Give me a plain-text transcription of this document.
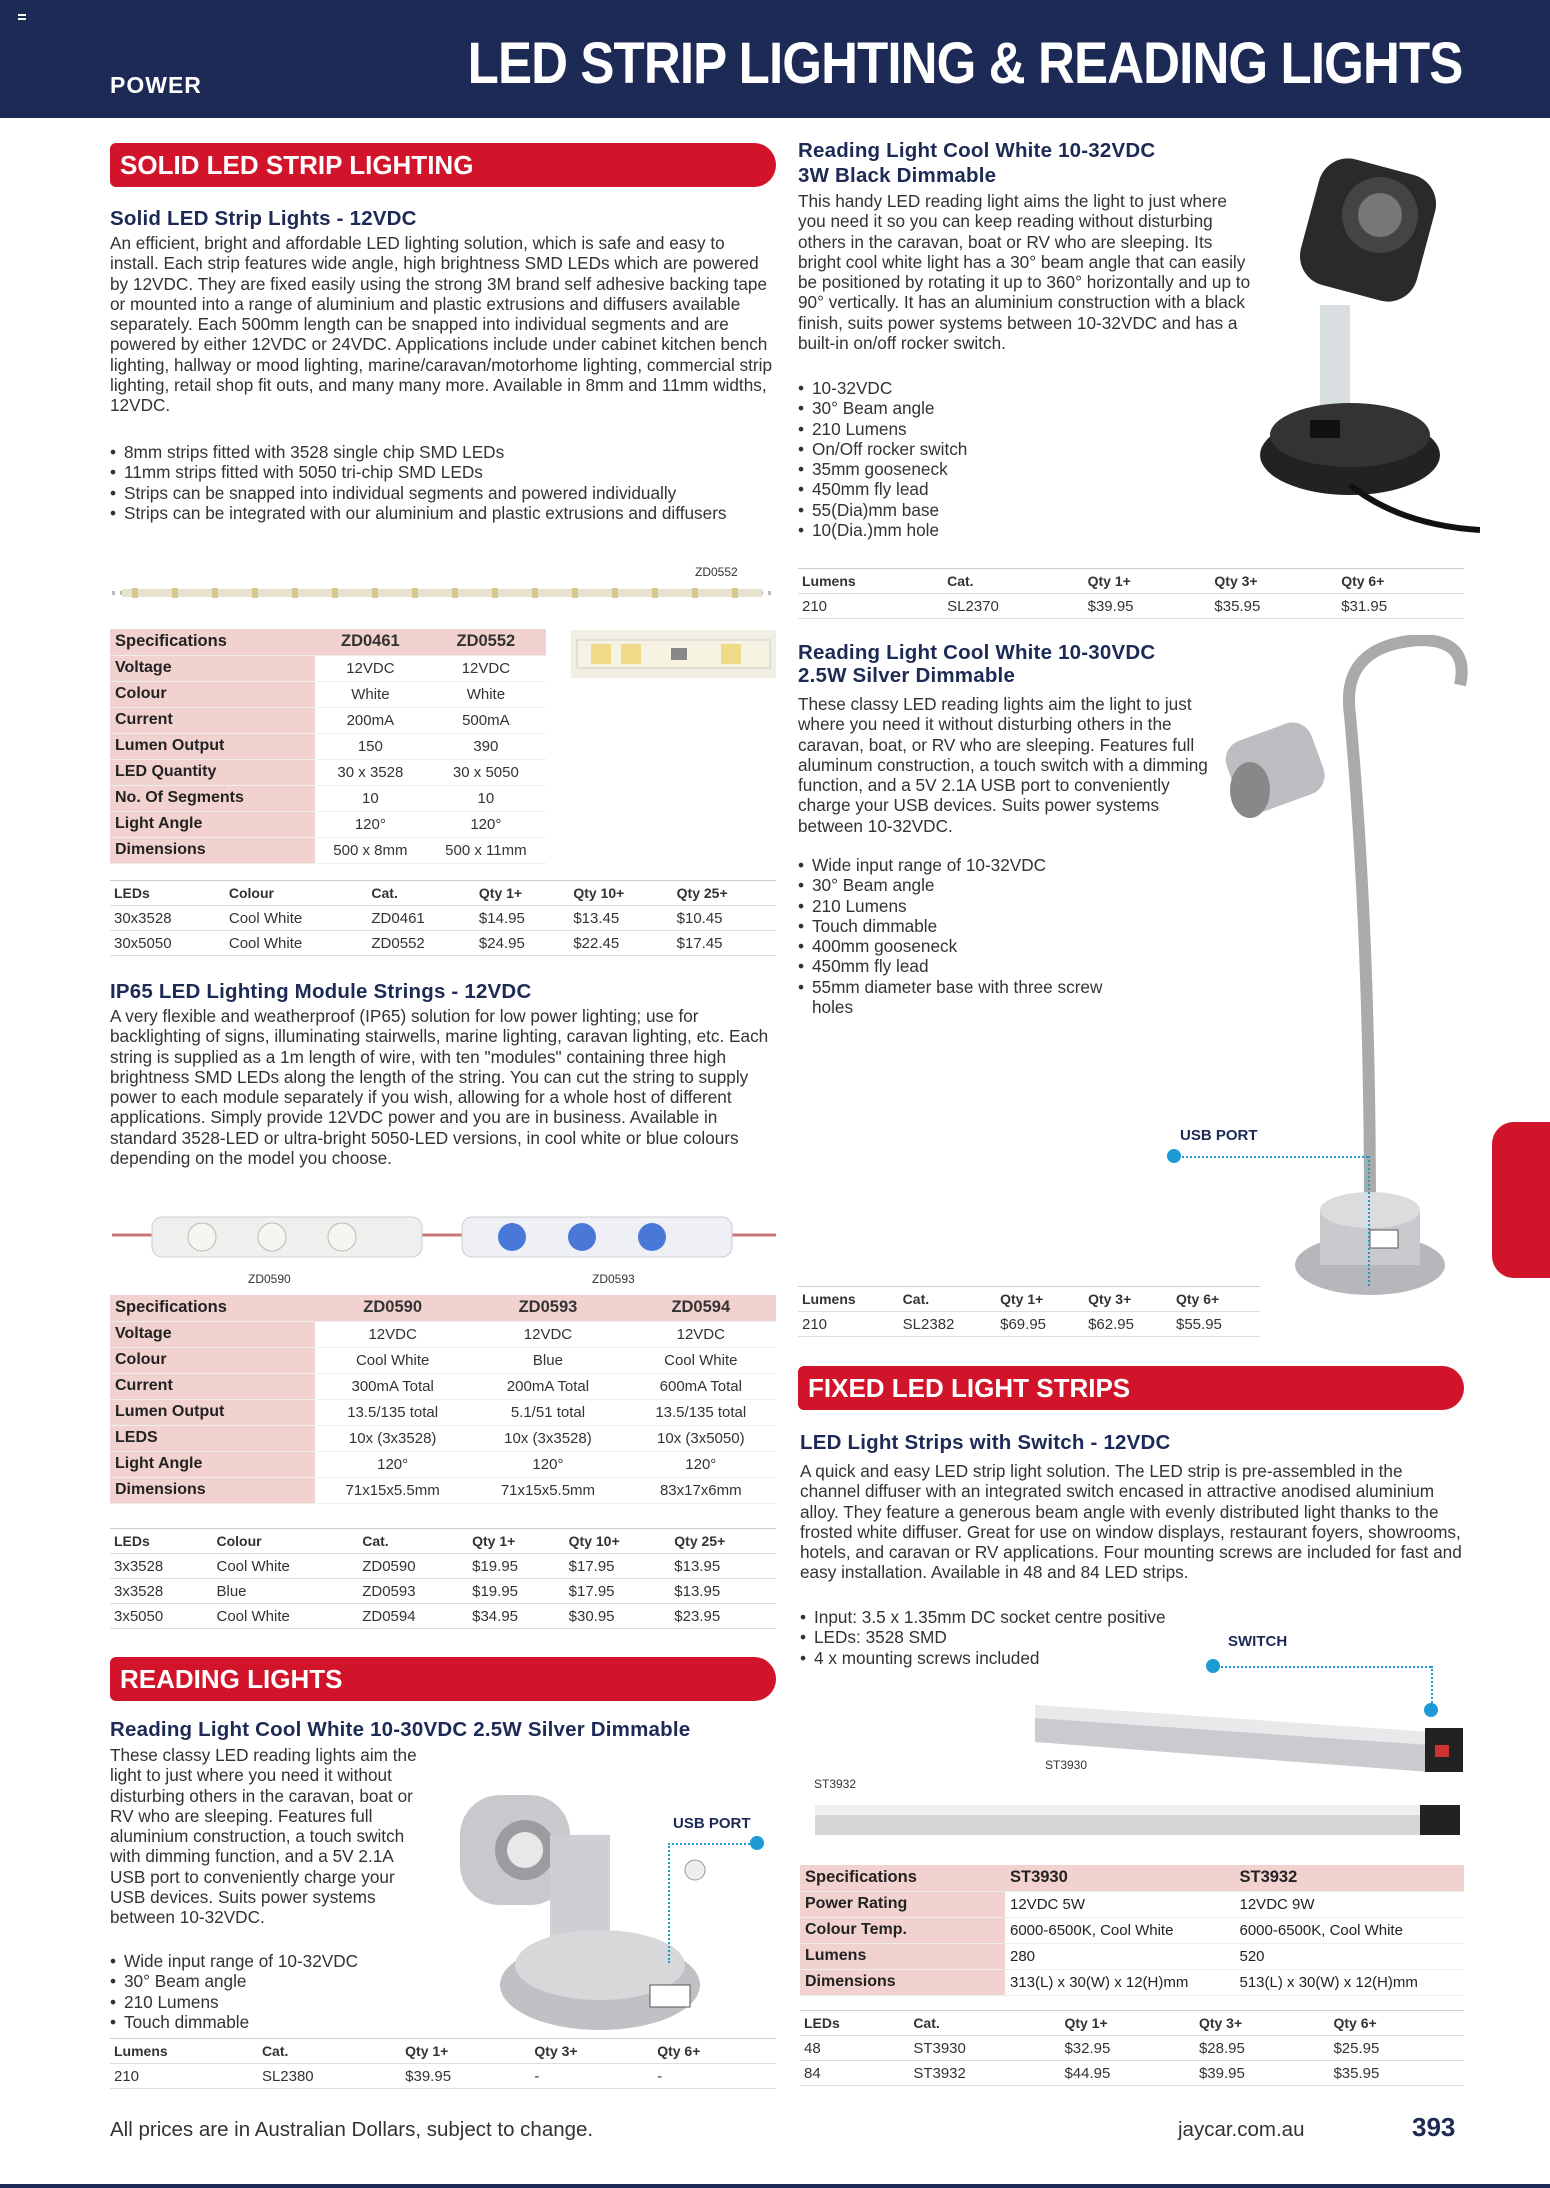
POWER	LED STRIP LIGHTING & READING LIGHTS
SOLID LED STRIP LIGHTING
Solid LED Strip Lights - 12VDC
An efficient, bright and affordable LED lighting solution, which is safe and easy to install. Each strip features wide angle, high brightness SMD LEDs which are powered by 12VDC. They are fixed easily using the strong 3M brand self adhesive backing tape or mounted into a range of aluminium and plastic extrusions and diffusers available separately. Each 500mm length can be snapped into individual segments and are powered by either 12VDC or 24VDC. Applications include under cabinet kitchen bench lighting, hallway or mood lighting, marine/caravan/motorhome lighting, commercial strip lighting, retail shop fit outs, and many many more. Available in 8mm and 11mm widths, 12VDC.
• 8mm strips fitted with 3528 single chip SMD LEDs
• 11mm strips fitted with 5050 tri-chip SMD LEDs
• Strips can be snapped into individual segments and powered individually
• Strips can be integrated with our aluminium and plastic extrusions and diffusers
ZD0552
Specifications	ZD0461	ZD0552
Voltage	12VDC	12VDC
Colour	White	White
Current	200mA	500mA
Lumen Output	150	390
LED Quantity	30 x 3528	30 x 5050
No. Of Segments	10	10
Light Angle	120°	120°
Dimensions	500 x 8mm	500 x 11mm
LEDs	Colour	Cat.	Qty 1+	Qty 10+	Qty 25+
30x3528	Cool White	ZD0461	$14.95	$13.45	$10.45
30x5050	Cool White	ZD0552	$24.95	$22.45	$17.45
IP65 LED Lighting Module Strings - 12VDC
A very flexible and weatherproof (IP65) solution for low power lighting; use for backlighting of signs, illuminating stairwells, marine lighting, caravan lighting, etc. Each string is supplied as a 1m length of wire, with ten "modules" containing three high brightness SMD LEDs along the length of the string. You can cut the string to supply power to each module separately if you wish, allowing for a whole host of different applications. Simply provide 12VDC power and you are in business. Available in standard 3528-LED or ultra-bright 5050-LED versions, in cool white or blue colours depending on the model you choose.
ZD0590	ZD0593
Specifications	ZD0590	ZD0593	ZD0594
Voltage	12VDC	12VDC	12VDC
Colour	Cool White	Blue	Cool White
Current	300mA Total	200mA Total	600mA Total
Lumen Output	13.5/135 total	5.1/51 total	13.5/135 total
LEDS	10x (3x3528)	10x (3x3528)	10x (3x5050)
Light Angle	120°	120°	120°
Dimensions	71x15x5.5mm	71x15x5.5mm	83x17x6mm
LEDs	Colour	Cat.	Qty 1+	Qty 10+	Qty 25+
3x3528	Cool White	ZD0590	$19.95	$17.95	$13.95
3x3528	Blue	ZD0593	$19.95	$17.95	$13.95
3x5050	Cool White	ZD0594	$34.95	$30.95	$23.95
READING LIGHTS
Reading Light Cool White 10-30VDC 2.5W Silver Dimmable
These classy LED reading lights aim the light to just where you need it without disturbing others in the caravan, boat or RV who are sleeping. Features full aluminium construction, a touch switch with dimming function, and a 5V 2.1A USB port to conveniently charge your USB devices. Suits power systems between 10-32VDC.
• Wide input range of 10-32VDC
• 30° Beam angle
• 210 Lumens
• Touch dimmable
USB PORT
Lumens	Cat.	Qty 1+	Qty 3+	Qty 6+
210	SL2380	$39.95	-	-
Reading Light Cool White 10-32VDC
3W Black Dimmable
This handy LED reading light aims the light to just where you need it so you can keep reading without disturbing others in the caravan, boat or RV who are sleeping. Its bright cool white light has a 30° beam angle that can easily be positioned by rotating it up to 360° horizontally and up to 90° vertically. It has an aluminium construction with a black finish, suits power systems between 10-32VDC and has a built-in on/off rocker switch.
• 10-32VDC
• 30° Beam angle
• 210 Lumens
• On/Off rocker switch
• 35mm gooseneck
• 450mm fly lead
• 55(Dia)mm base
• 10(Dia.)mm hole
Lumens	Cat.	Qty 1+	Qty 3+	Qty 6+
210	SL2370	$39.95	$35.95	$31.95
Reading Light Cool White 10-30VDC
2.5W Silver Dimmable
These classy LED reading lights aim the light to just where you need it without disturbing others in the caravan, boat, or RV who are sleeping. Features full aluminum construction, a touch switch with a dimming function, and a 5V 2.1A USB port to conveniently charge your USB devices. Suits power systems between 10-32VDC.
• Wide input range of 10-32VDC
• 30° Beam angle
• 210 Lumens
• Touch dimmable
• 400mm gooseneck
• 450mm fly lead
• 55mm diameter base with three screw holes
USB PORT
Lumens	Cat.	Qty 1+	Qty 3+	Qty 6+
210	SL2382	$69.95	$62.95	$55.95
FIXED LED LIGHT STRIPS
LED Light Strips with Switch - 12VDC
A quick and easy LED strip light solution. The LED strip is pre-assembled in the channel diffuser with an integrated switch encased in attractive anodised aluminium alloy. They feature a generous beam angle with evenly distributed light thanks to the frosted white diffuser. Great for use on window displays, restaurant foyers, showrooms, hotels, and caravan or RV applications. Four mounting screws are included for fast and easy installation. Available in 48 and 84 LED strips.
• Input: 3.5 x 1.35mm DC socket centre positive
• LEDs: 3528 SMD
• 4 x mounting screws included
SWITCH
ST3930
ST3932
Specifications	ST3930	ST3932
Power Rating	12VDC 5W	12VDC 9W
Colour Temp.	6000-6500K, Cool White	6000-6500K, Cool White
Lumens	280	520
Dimensions	313(L) x 30(W) x 12(H)mm	513(L) x 30(W) x 12(H)mm
LEDs	Cat.	Qty 1+	Qty 3+	Qty 6+
48	ST3930	$32.95	$28.95	$25.95
84	ST3932	$44.95	$39.95	$35.95
All prices are in Australian Dollars, subject to change.	jaycar.com.au	393
